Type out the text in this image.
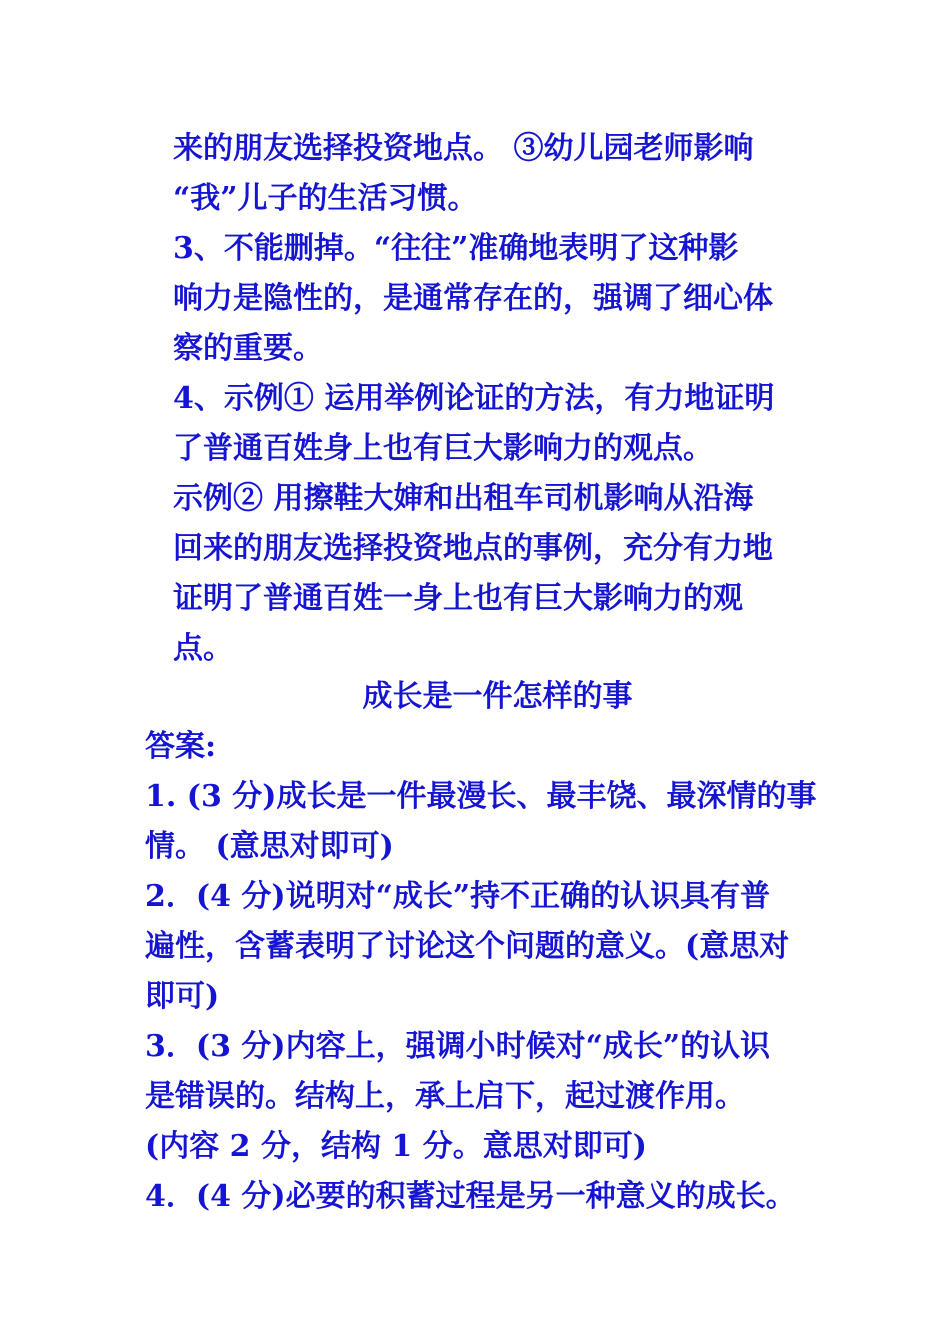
来的朋友选择投资地点。 ③幼儿园老师影响
“我”儿子的生活习惯。
3、不能删掉。“往往”准确地表明了这种影
响力是隐性的，是通常存在的，强调了细心体
察的重要。
4、示例① 运用举例论证的方法，有力地证明
了普通百姓身上也有巨大影响力的观点。
示例② 用擦鞋大婶和出租车司机影响从沿海
回来的朋友选择投资地点的事例，充分有力地
证明了普通百姓一身上也有巨大影响力的观
点。
成长是一件怎样的事
答案:
1. (3 分)成长是一件最漫长、最丰饶、最深情的事
情。 (意思对即可)
2．(4 分)说明对“成长”持不正确的认识具有普
遍性，含蓄表明了讨论这个问题的意义。(意思对
即可)
3．(3 分)内容上，强调小时候对“成长”的认识
是错误的。结构上，承上启下，起过渡作用。
(内容 2 分，结构 1 分。意思对即可)
4．(4 分)必要的积蓄过程是另一种意义的成长。
